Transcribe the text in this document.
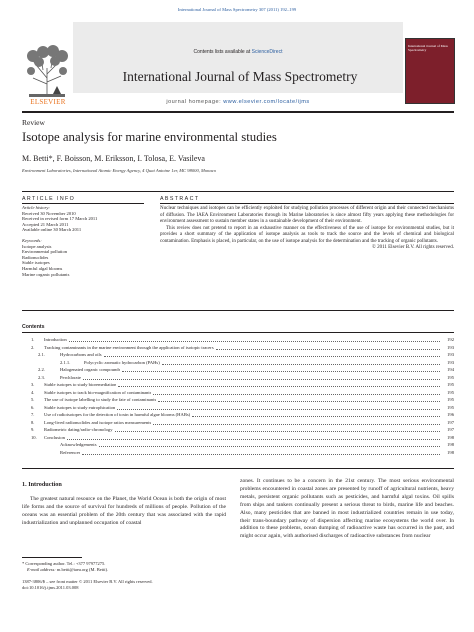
International Journal of Mass Spectrometry 307 (2011) 192–199
Contents lists available at ScienceDirect
International Journal of Mass Spectrometry
journal homepage: www.elsevier.com/locate/ijms
ELSEVIER
International Journal of Mass Spectrometry
Review
Isotope analysis for marine environmental studies
M. Betti*, F. Boisson, M. Eriksson, I. Tolosa, E. Vasileva
Environment Laboratories, International Atomic Energy Agency, 4 Quai Antoine 1er, MC 98000, Monaco
ARTICLE INFO
Article history:
Received 30 November 2010
Received in revised form 17 March 2011
Accepted 21 March 2011
Available online 30 March 2011
Keywords:
Isotope analysis
Environmental pollution
Radionuclides
Stable isotopes
Harmful algal blooms
Marine organic pollutants
ABSTRACT

Nuclear techniques and isotopes can be efficiently exploited for studying pollution processes of different origin and their connected mechanisms of diffusion. The IAEA Environment Laboratories through its Marine laboratories is since almost fifty years applying these methodologies for environment assessment to sustain member states in a sustainable development of their environment.

This review does not pretend to report in an exhaustive manner on the effectiveness of the use of isotope for environmental studies, but it provides a short summary of the application of isotope analysis as tools to track the source and the levels of chemical and biological contamination. Emphasis is placed, in particular, on the use of isotope analysis for the determination and the tracking of organic pollutants.

© 2011 Elsevier B.V. All rights reserved.

Contents
1. Introduction	192
2. Tracking contaminants in the marine environment through the application of isotopic tracers	193
2.1.	Hydrocarbons and oils	193
2.1.1.	Polycyclic aromatic hydrocarbon (PAHs)	193
2.2.	Halogenated organic compounds	194
2.3.	Perchlorate	195
3. Stable isotopes to study bioremediation	195
4. Stable isotopes to track bio-magnification of contaminants	195
5. The use of isotope labelling to study the fate of contaminants	195
6. Stable isotopes to study eutrophication	195
7. Use of radioisotopes for the detection of toxin in harmful algae blooms (HABs)	196
8. Long-lived radionuclides and isotope ratios measurements	197
9. Radiometric dating/radio-chronology	197
10. Conclusion	198
Acknowledgements	198
References	198
1. Introduction

The greatest natural resource on the Planet, the World Ocean is both the origin of most life forms and the source of survival for hundreds of millions of people. Pollution of the oceans was an essential problem of the 20th century that was associated with the rapid industrialization and unplanned occupation of coastal

zones. It continues to be a concern in the 21st century. The most serious environmental problems encountered in coastal zones are presented by runoff of agricultural nutrients, heavy metals, persistent organic pollutants such as pesticides, and harmful algal toxins. Oil spills from ships and tankers continually present a serious threat to birds, marine life and beaches. Also, many pesticides that are banned in most industrialized countries remain in use today, their trans-boundary pathway of dispersion affecting marine ecosystems the world over. In addition to these problems, ocean dumping of radioactive waste has occurred in the past, and might occur again, with authorised discharges of radioactive substances from nuclear

* Corresponding author. Tel.: +377 97977275.
E-mail address: m.betti@iaea.org (M. Betti).
1387-3806/$ – see front matter © 2011 Elsevier B.V. All rights reserved.
doi:10.1016/j.ijms.2011.03.008
